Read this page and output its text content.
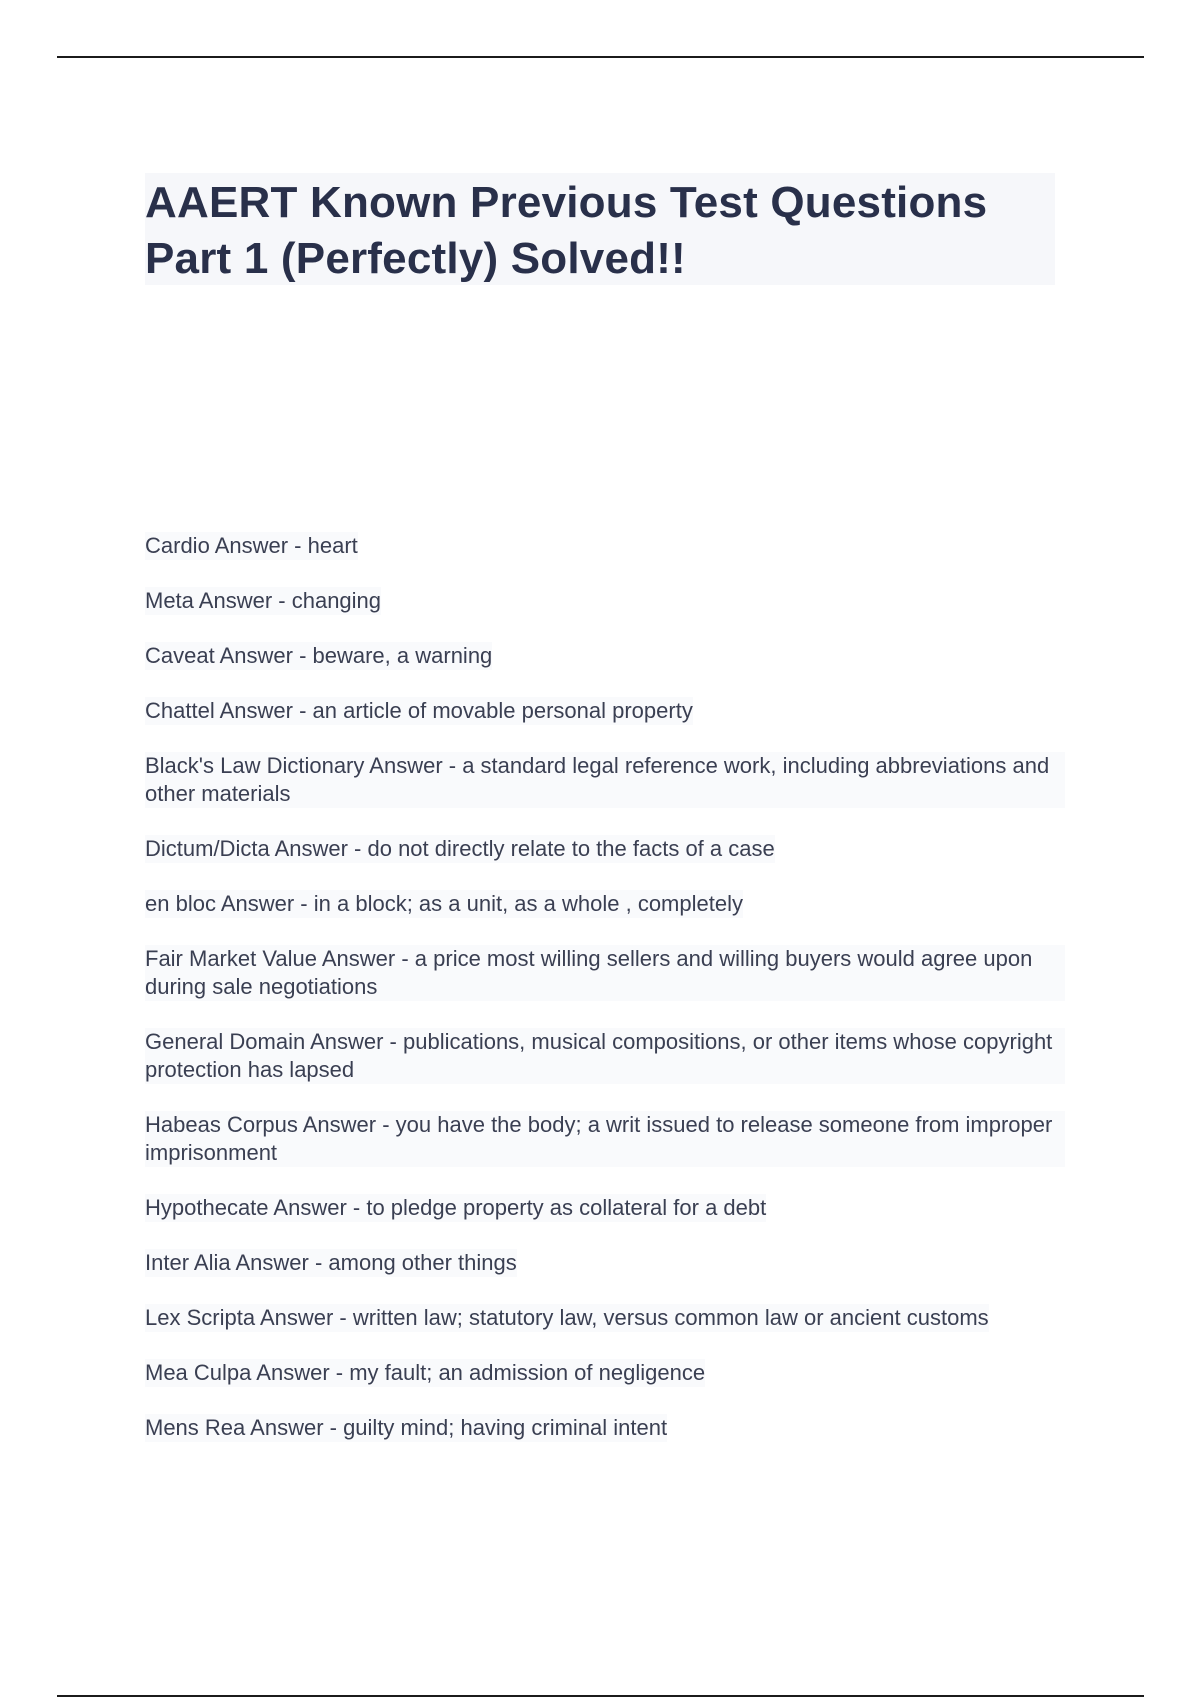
AAERT Known Previous Test Questions Part 1 (Perfectly) Solved!!
Cardio Answer - heart
Meta Answer - changing
Caveat Answer - beware, a warning
Chattel Answer - an article of movable personal property
Black's Law Dictionary Answer - a standard legal reference work, including abbreviations and other materials
Dictum/Dicta Answer - do not directly relate to the facts of a case
en bloc Answer - in a block; as a unit, as a whole , completely
Fair Market Value Answer - a price most willing sellers and willing buyers would agree upon during sale negotiations
General Domain Answer - publications, musical compositions, or other items whose copyright protection has lapsed
Habeas Corpus Answer - you have the body; a writ issued to release someone from improper imprisonment
Hypothecate Answer - to pledge property as collateral for a debt
Inter Alia Answer - among other things
Lex Scripta Answer - written law; statutory law, versus common law or ancient customs
Mea Culpa Answer - my fault; an admission of negligence
Mens Rea Answer - guilty mind; having criminal intent
